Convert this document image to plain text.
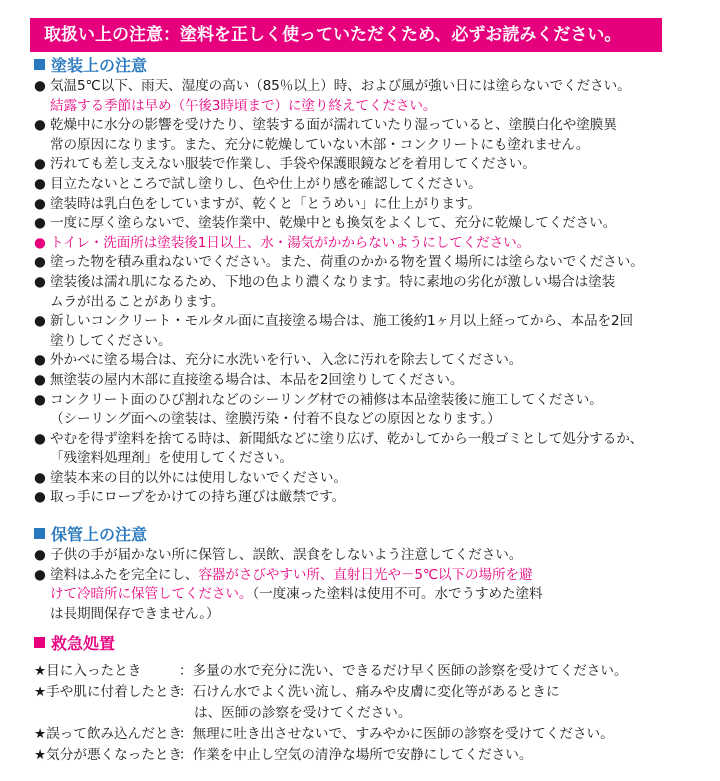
取扱い上の注意：塗料を正しく使っていただくため、必ずお読みください。
塗装上の注意
● 気温5℃以下、雨天、湿度の高い（85％以上）時、および風が強い日には塗らないでください。
結露する季節は早め（午後3時頃まで）に塗り終えてください。
● 乾燥中に水分の影響を受けたり、塗装する面が濡れていたり湿っていると、塗膜白化や塗膜異
常の原因になります。また、充分に乾燥していない木部・コンクリートにも塗れません。
● 汚れても差し支えない服装で作業し、手袋や保護眼鏡などを着用してください。
● 目立たないところで試し塗りし、色や仕上がり感を確認してください。
● 塗装時は乳白色をしていますが、乾くと「とうめい」に仕上がります。
● 一度に厚く塗らないで、塗装作業中、乾燥中とも換気をよくして、充分に乾燥してください。
● トイレ・洗面所は塗装後1日以上、水・湯気がかからないようにしてください。
● 塗った物を積み重ねないでください。また、荷重のかかる物を置く場所には塗らないでください。
● 塗装後は濡れ肌になるため、下地の色より濃くなります。特に素地の劣化が激しい場合は塗装
ムラが出ることがあります。
● 新しいコンクリート・モルタル面に直接塗る場合は、施工後約1ヶ月以上経ってから、本品を2回
塗りしてください。
● 外かべに塗る場合は、充分に水洗いを行い、入念に汚れを除去してください。
● 無塗装の屋内木部に直接塗る場合は、本品を2回塗りしてください。
● コンクリート面のひび割れなどのシーリング材での補修は本品塗装後に施工してください。
（シーリング面への塗装は、塗膜汚染・付着不良などの原因となります。）
● やむを得ず塗料を捨てる時は、新聞紙などに塗り広げ、乾かしてから一般ゴミとして処分するか、
「残塗料処理剤」を使用してください。
● 塗装本来の目的以外には使用しないでください。
● 取っ手にロープをかけての持ち運びは厳禁です。
保管上の注意
● 子供の手が届かない所に保管し、誤飲、誤食をしないよう注意してください。
● 塗料はふたを完全にし、容器がさびやすい所、直射日光や－5℃以下の場所を避
けて冷暗所に保管してください。（一度凍った塗料は使用不可。水でうすめた塗料
は長期間保存できません。）
救急処置
★目に入ったとき	：多量の水で充分に洗い、できるだけ早く医師の診察を受けてください。
★手や肌に付着したとき：石けん水でよく洗い流し、痛みや皮膚に変化等があるときに
は、医師の診察を受けてください。
★誤って飲み込んだとき：無理に吐き出させないで、すみやかに医師の診察を受けてください。
★気分が悪くなったとき：作業を中止し空気の清浄な場所で安静にしてください。
